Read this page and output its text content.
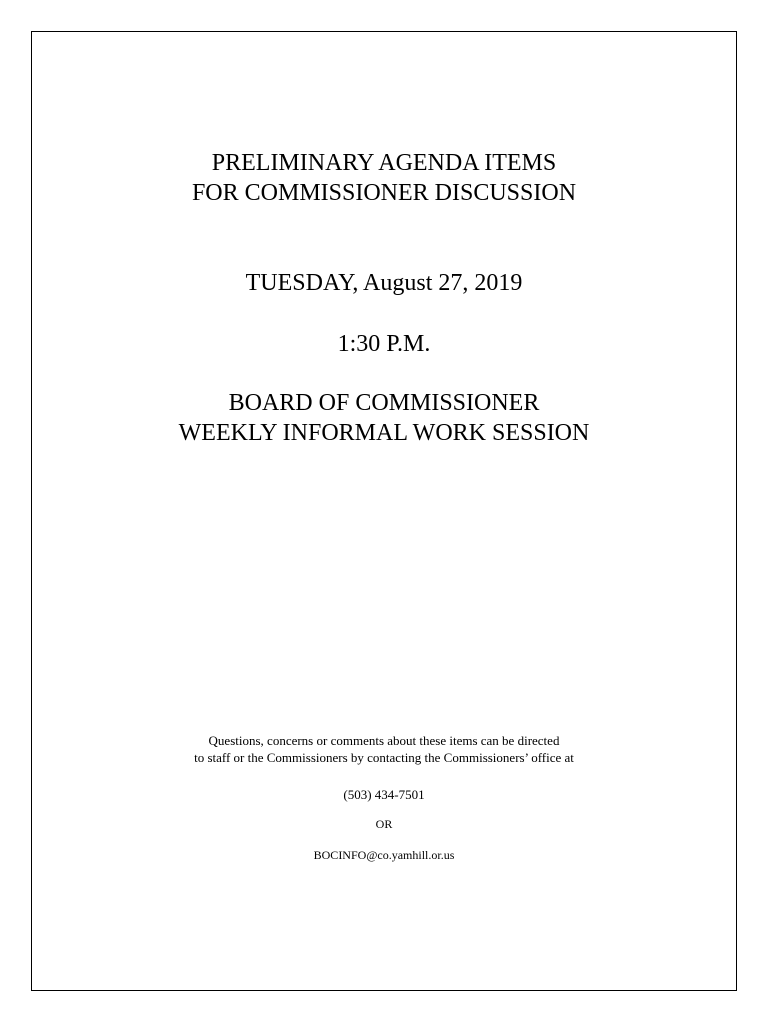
PRELIMINARY AGENDA ITEMS
FOR COMMISSIONER DISCUSSION
TUESDAY, August 27, 2019
1:30 P.M.
BOARD OF COMMISSIONER
WEEKLY INFORMAL WORK SESSION
Questions, concerns or comments about these items can be directed
to staff or the Commissioners by contacting the Commissioners’ office at
(503) 434-7501
OR
BOCINFO@co.yamhill.or.us
